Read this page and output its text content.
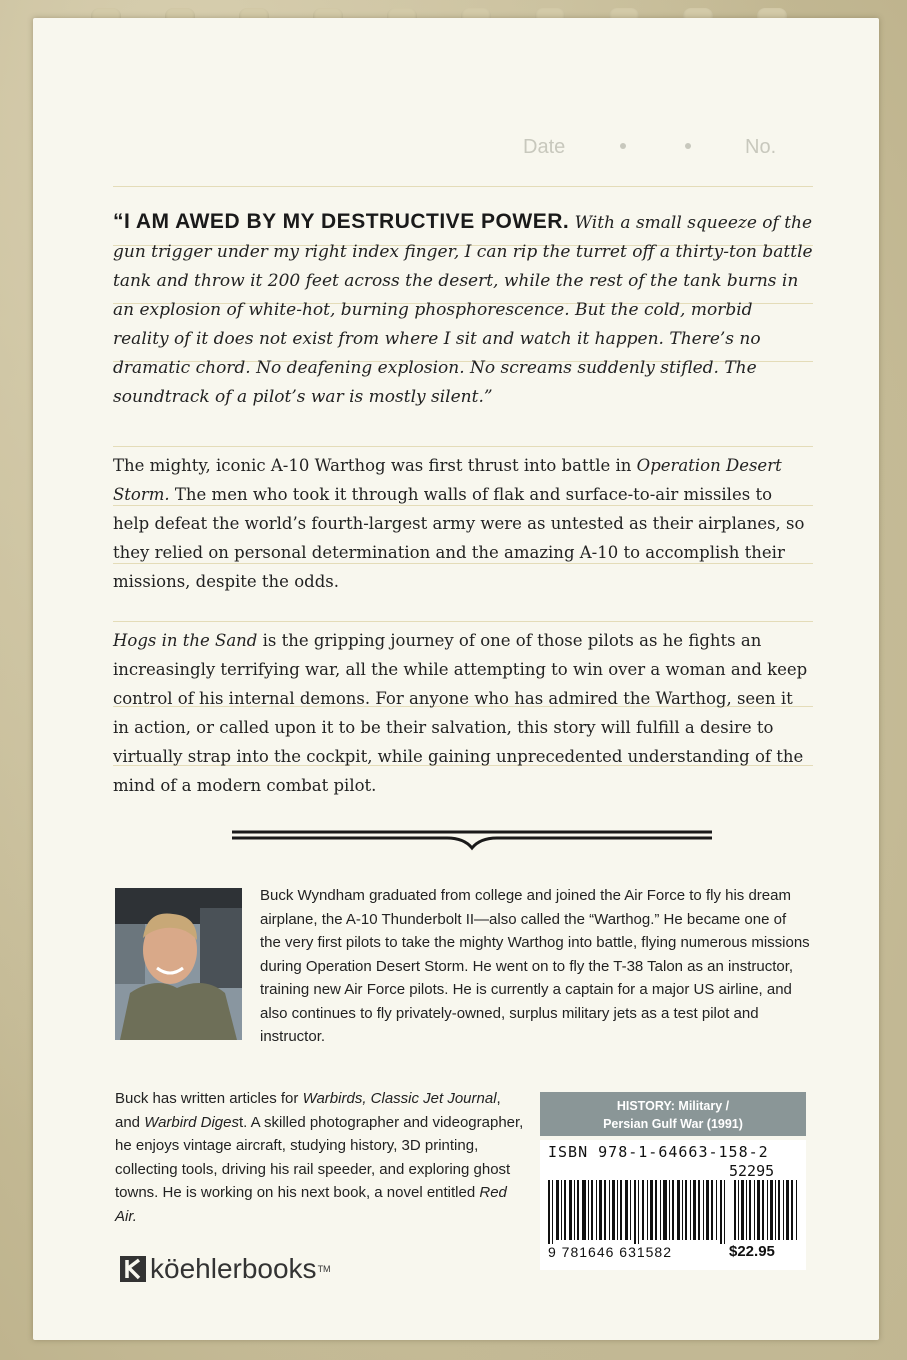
Date	No.

“I AM AWED BY MY DESTRUCTIVE POWER. With a small squeeze of the gun trigger under my right index finger, I can rip the turret off a thirty-ton battle tank and throw it 200 feet across the desert, while the rest of the tank burns in an explosion of white-hot, burning phosphorescence. But the cold, morbid reality of it does not exist from where I sit and watch it happen. There’s no dramatic chord. No deafening explosion. No screams suddenly stifled. The soundtrack of a pilot’s war is mostly silent.”

The mighty, iconic A-10 Warthog was first thrust into battle in Operation Desert Storm. The men who took it through walls of flak and surface-to-air missiles to help defeat the world’s fourth-largest army were as untested as their airplanes, so they relied on personal determination and the amazing A-10 to accomplish their missions, despite the odds.

Hogs in the Sand is the gripping journey of one of those pilots as he fights an increasingly terrifying war, all the while attempting to win over a woman and keep control of his internal demons. For anyone who has admired the Warthog, seen it in action, or called upon it to be their salvation, this story will fulfill a desire to virtually strap into the cockpit, while gaining unprecedented understanding of the mind of a modern combat pilot.

Buck Wyndham graduated from college and joined the Air Force to fly his dream airplane, the A-10 Thunderbolt II—also called the “Warthog.” He became one of the very first pilots to take the mighty Warthog into battle, flying numerous missions during Operation Desert Storm. He went on to fly the T-38 Talon as an instructor, training new Air Force pilots. He is currently a captain for a major US airline, and also continues to fly privately-owned, surplus military jets as a test pilot and instructor.

Buck has written articles for Warbirds, Classic Jet Journal, and Warbird Digest. A skilled photographer and videographer, he enjoys vintage aircraft, studying history, 3D printing, collecting tools, driving his rail speeder, and exploring ghost towns. He is working on his next book, a novel entitled Red Air.

HISTORY: Military /
Persian Gulf War (1991)
ISBN 978-1-64663-158-2
52295
9 781646 631582	$22.95
köehlerbooks TM
